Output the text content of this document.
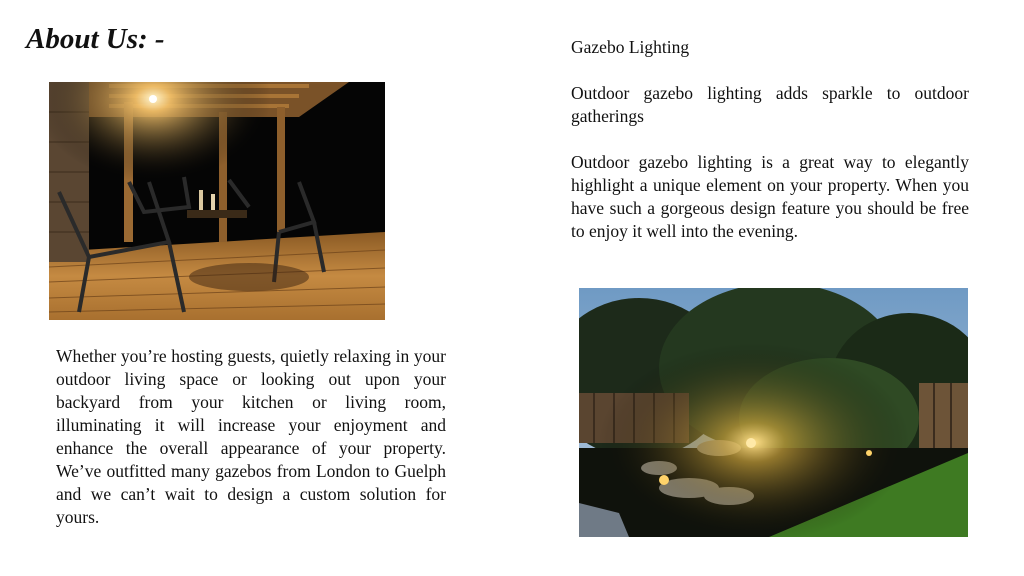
About Us: -
Whether you’re hosting guests, quietly relaxing in your outdoor living space or looking out upon your backyard from your kitchen or living room, illuminating it will increase your enjoyment and enhance the overall appearance of your property. We’ve outfitted many gazebos from London to Guelph and we can’t wait to design a custom solution for yours.

Gazebo Lighting

Outdoor gazebo lighting adds sparkle to outdoor gatherings

Outdoor gazebo lighting is a great way to elegantly highlight a unique element on your property. When you have such a gorgeous design feature you should be free to enjoy it well into the evening.
